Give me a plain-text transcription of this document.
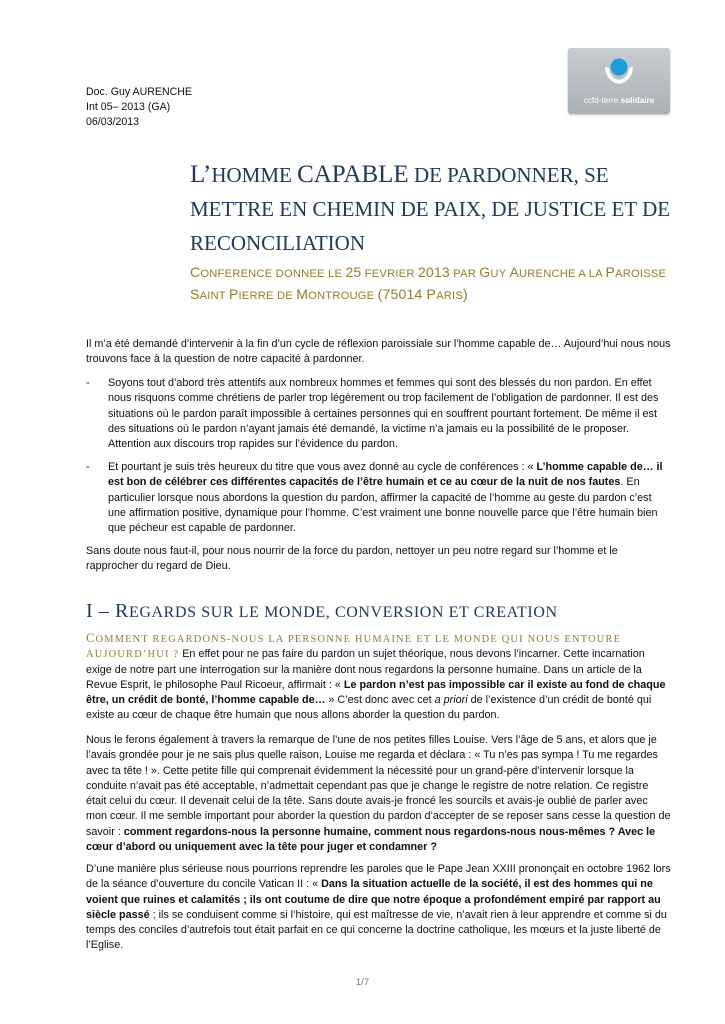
Doc. Guy AURENCHE
Int 05– 2013 (GA)
06/03/2013
ccfd-terre solidaire
L’HOMME CAPABLE DE PARDONNER, SE METTRE EN CHEMIN DE PAIX, DE JUSTICE ET DE RECONCILIATION
CONFERENCE DONNEE LE 25 FEVRIER 2013 PAR GUY AURENCHE A LA PAROISSE
SAINT PIERRE DE MONTROUGE (75014 PARIS)
Il m’a été demandé d’intervenir à la fin d’un cycle de réflexion paroissiale sur l’homme capable de… Aujourd’hui nous nous trouvons face à la question de notre capacité à pardonner.
- Soyons tout d’abord très attentifs aux nombreux hommes et femmes qui sont des blessés du non pardon. En effet nous risquons comme chrétiens de parler trop légèrement ou trop facilement de l’obligation de pardonner. Il est des situations où le pardon paraît impossible à certaines personnes qui en souffrent pourtant fortement. De même il est des situations où le pardon n’ayant jamais été demandé, la victime n’a jamais eu la possibilité de le proposer. Attention aux discours trop rapides sur l’évidence du pardon.
- Et pourtant je suis très heureux du titre que vous avez donné au cycle de conférences : « L’homme capable de… il est bon de célébrer ces différentes capacités de l’être humain et ce au cœur de la nuit de nos fautes. En particulier lorsque nous abordons la question du pardon, affirmer la capacité de l’homme au geste du pardon c’est une affirmation positive, dynamique pour l’homme. C’est vraiment une bonne nouvelle parce que l’être humain bien que pécheur est capable de pardonner.
Sans doute nous faut-il, pour nous nourrir de la force du pardon, nettoyer un peu notre regard sur l’homme et le rapprocher du regard de Dieu.
I – REGARDS SUR LE MONDE, CONVERSION ET CREATION
COMMENT REGARDONS-NOUS LA PERSONNE HUMAINE ET LE MONDE QUI NOUS ENTOURE AUJOURD’HUI ? En effet pour ne pas faire du pardon un sujet théorique, nous devons l’incarner. Cette incarnation exige de notre part une interrogation sur la manière dont nous regardons la personne humaine. Dans un article de la Revue Esprit, le philosophe Paul Ricoeur, affirmait : « Le pardon n’est pas impossible car il existe au fond de chaque être, un crédit de bonté, l’homme capable de… » C’est donc avec cet a priori de l’existence d’un crédit de bonté qui existe au cœur de chaque être humain que nous allons aborder la question du pardon.
Nous le ferons également à travers la remarque de l’une de nos petites filles Louise. Vers l’âge de 5 ans, et alors que je l’avais grondée pour je ne sais plus quelle raison, Louise me regarda et déclara : « Tu n’es pas sympa ! Tu me regardes avec ta tête ! ». Cette petite fille qui comprenait évidemment la nécessité pour un grand-père d’intervenir lorsque la conduite n’avait pas été acceptable, n’admettait cependant pas que je change le registre de notre relation. Ce registre était celui du cœur. Il devenait celui de la tête. Sans doute avais-je froncé les sourcils et avais-je oublié de parler avec mon cœur. Il me semble important pour aborder la question du pardon d’accepter de se reposer sans cesse la question de savoir : comment regardons-nous la personne humaine, comment nous regardons-nous nous-mêmes ? Avec le cœur d’abord ou uniquement avec la tête pour juger et condamner ?
D’une manière plus sérieuse nous pourrions reprendre les paroles que le Pape Jean XXIII prononçait en octobre 1962 lors de la séance d’ouverture du concile Vatican II : « Dans la situation actuelle de la société, il est des hommes qui ne voient que ruines et calamités ; ils ont coutume de dire que notre époque a profondément empiré par rapport au siècle passé ; ils se conduisent comme si l’histoire, qui est maîtresse de vie, n’avait rien à leur apprendre et comme si du temps des conciles d’autrefois tout était parfait en ce qui concerne la doctrine catholique, les mœurs et la juste liberté de l’Eglise.
1/7
